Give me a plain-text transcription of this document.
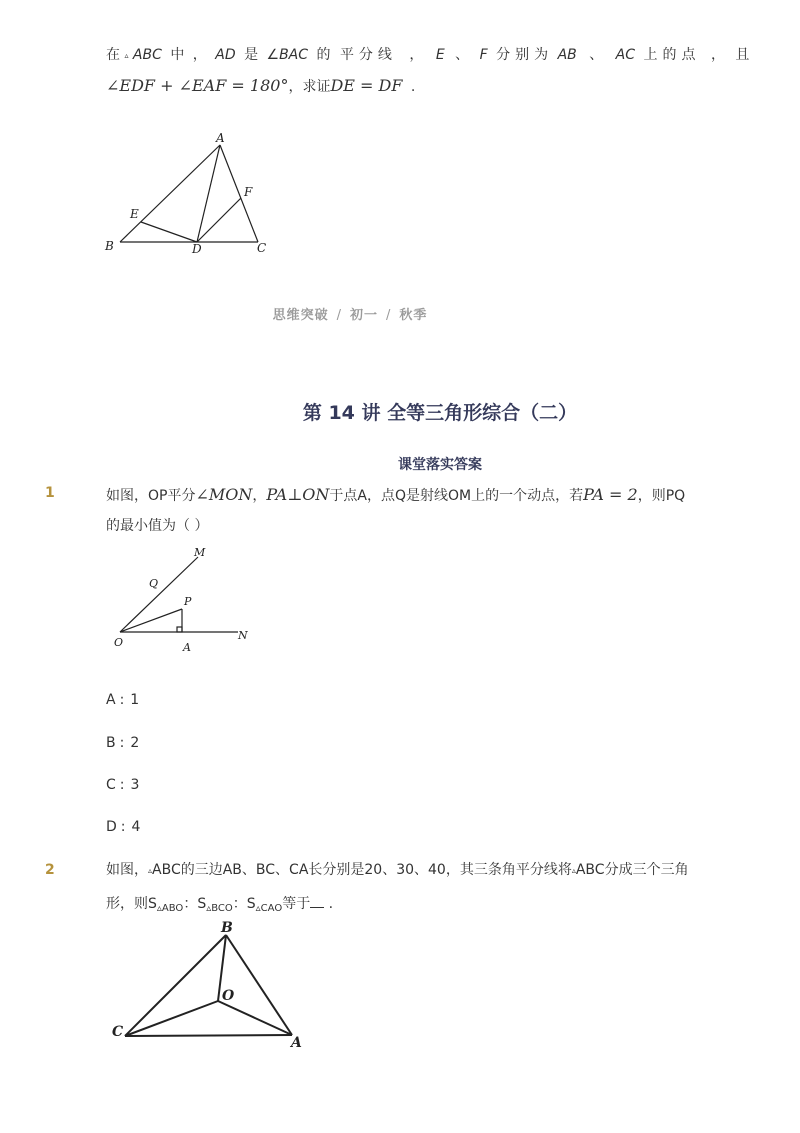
在 ▵ ABC 中 ， AD 是 ∠BAC 的 平分线 ， E 、 F 分别为 AB 、 AC 上的点 ， 且
∠EDF + ∠EAF = 180°，求证DE = DF .
A
B	C
D
E
F
思维突破 / 初一 / 秋季
第 14 讲 全等三角形综合（二）
课堂落实答案
1	如图，OP平分∠MON，PA⊥ON于点A，点Q是射线OM上的一个动点，若PA = 2，则PQ
的最小值为（ ）
M
Q
P
O	A
N
A : 1
B : 2
C : 3
D : 4
2	如图，▵ABC的三边AB、BC、CA长分别是20、30、40，其三条角平分线将▵ABC分成三个三角
形，则$S_{▵ABO}$：$S_{▵BCO}$：$S_{▵CAO}$等于 .
B
O
C
A
